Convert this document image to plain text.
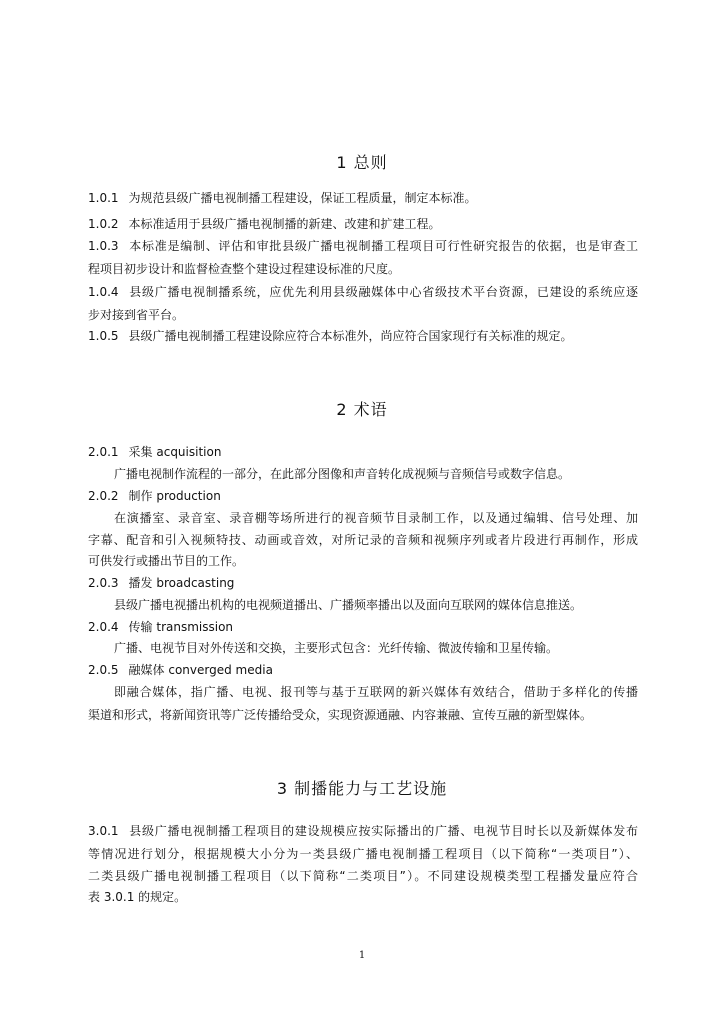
1 总则
1.0.1 为规范县级广播电视制播工程建设，保证工程质量，制定本标准。
1.0.2 本标准适用于县级广播电视制播的新建、改建和扩建工程。
1.0.3 本标准是编制、评估和审批县级广播电视制播工程项目可行性研究报告的依据，也是审查工
程项目初步设计和监督检查整个建设过程建设标准的尺度。
1.0.4 县级广播电视制播系统，应优先利用县级融媒体中心省级技术平台资源，已建设的系统应逐
步对接到省平台。
1.0.5 县级广播电视制播工程建设除应符合本标准外，尚应符合国家现行有关标准的规定。
2 术语
2.0.1 采集 acquisition
广播电视制作流程的一部分，在此部分图像和声音转化成视频与音频信号或数字信息。
2.0.2 制作 production
在演播室、录音室、录音棚等场所进行的视音频节目录制工作，以及通过编辑、信号处理、加
字幕、配音和引入视频特技、动画或音效，对所记录的音频和视频序列或者片段进行再制作，形成
可供发行或播出节目的工作。
2.0.3 播发 broadcasting
县级广播电视播出机构的电视频道播出、广播频率播出以及面向互联网的媒体信息推送。
2.0.4 传输 transmission
广播、电视节目对外传送和交换，主要形式包含：光纤传输、微波传输和卫星传输。
2.0.5 融媒体 converged media
即融合媒体，指广播、电视、报刊等与基于互联网的新兴媒体有效结合，借助于多样化的传播
渠道和形式，将新闻资讯等广泛传播给受众，实现资源通融、内容兼融、宣传互融的新型媒体。
3 制播能力与工艺设施
3.0.1 县级广播电视制播工程项目的建设规模应按实际播出的广播、电视节目时长以及新媒体发布
等情况进行划分，根据规模大小分为一类县级广播电视制播工程项目（以下简称“一类项目”）、
二类县级广播电视制播工程项目（以下简称“二类项目”）。不同建设规模类型工程播发量应符合
表 3.0.1 的规定。
1
